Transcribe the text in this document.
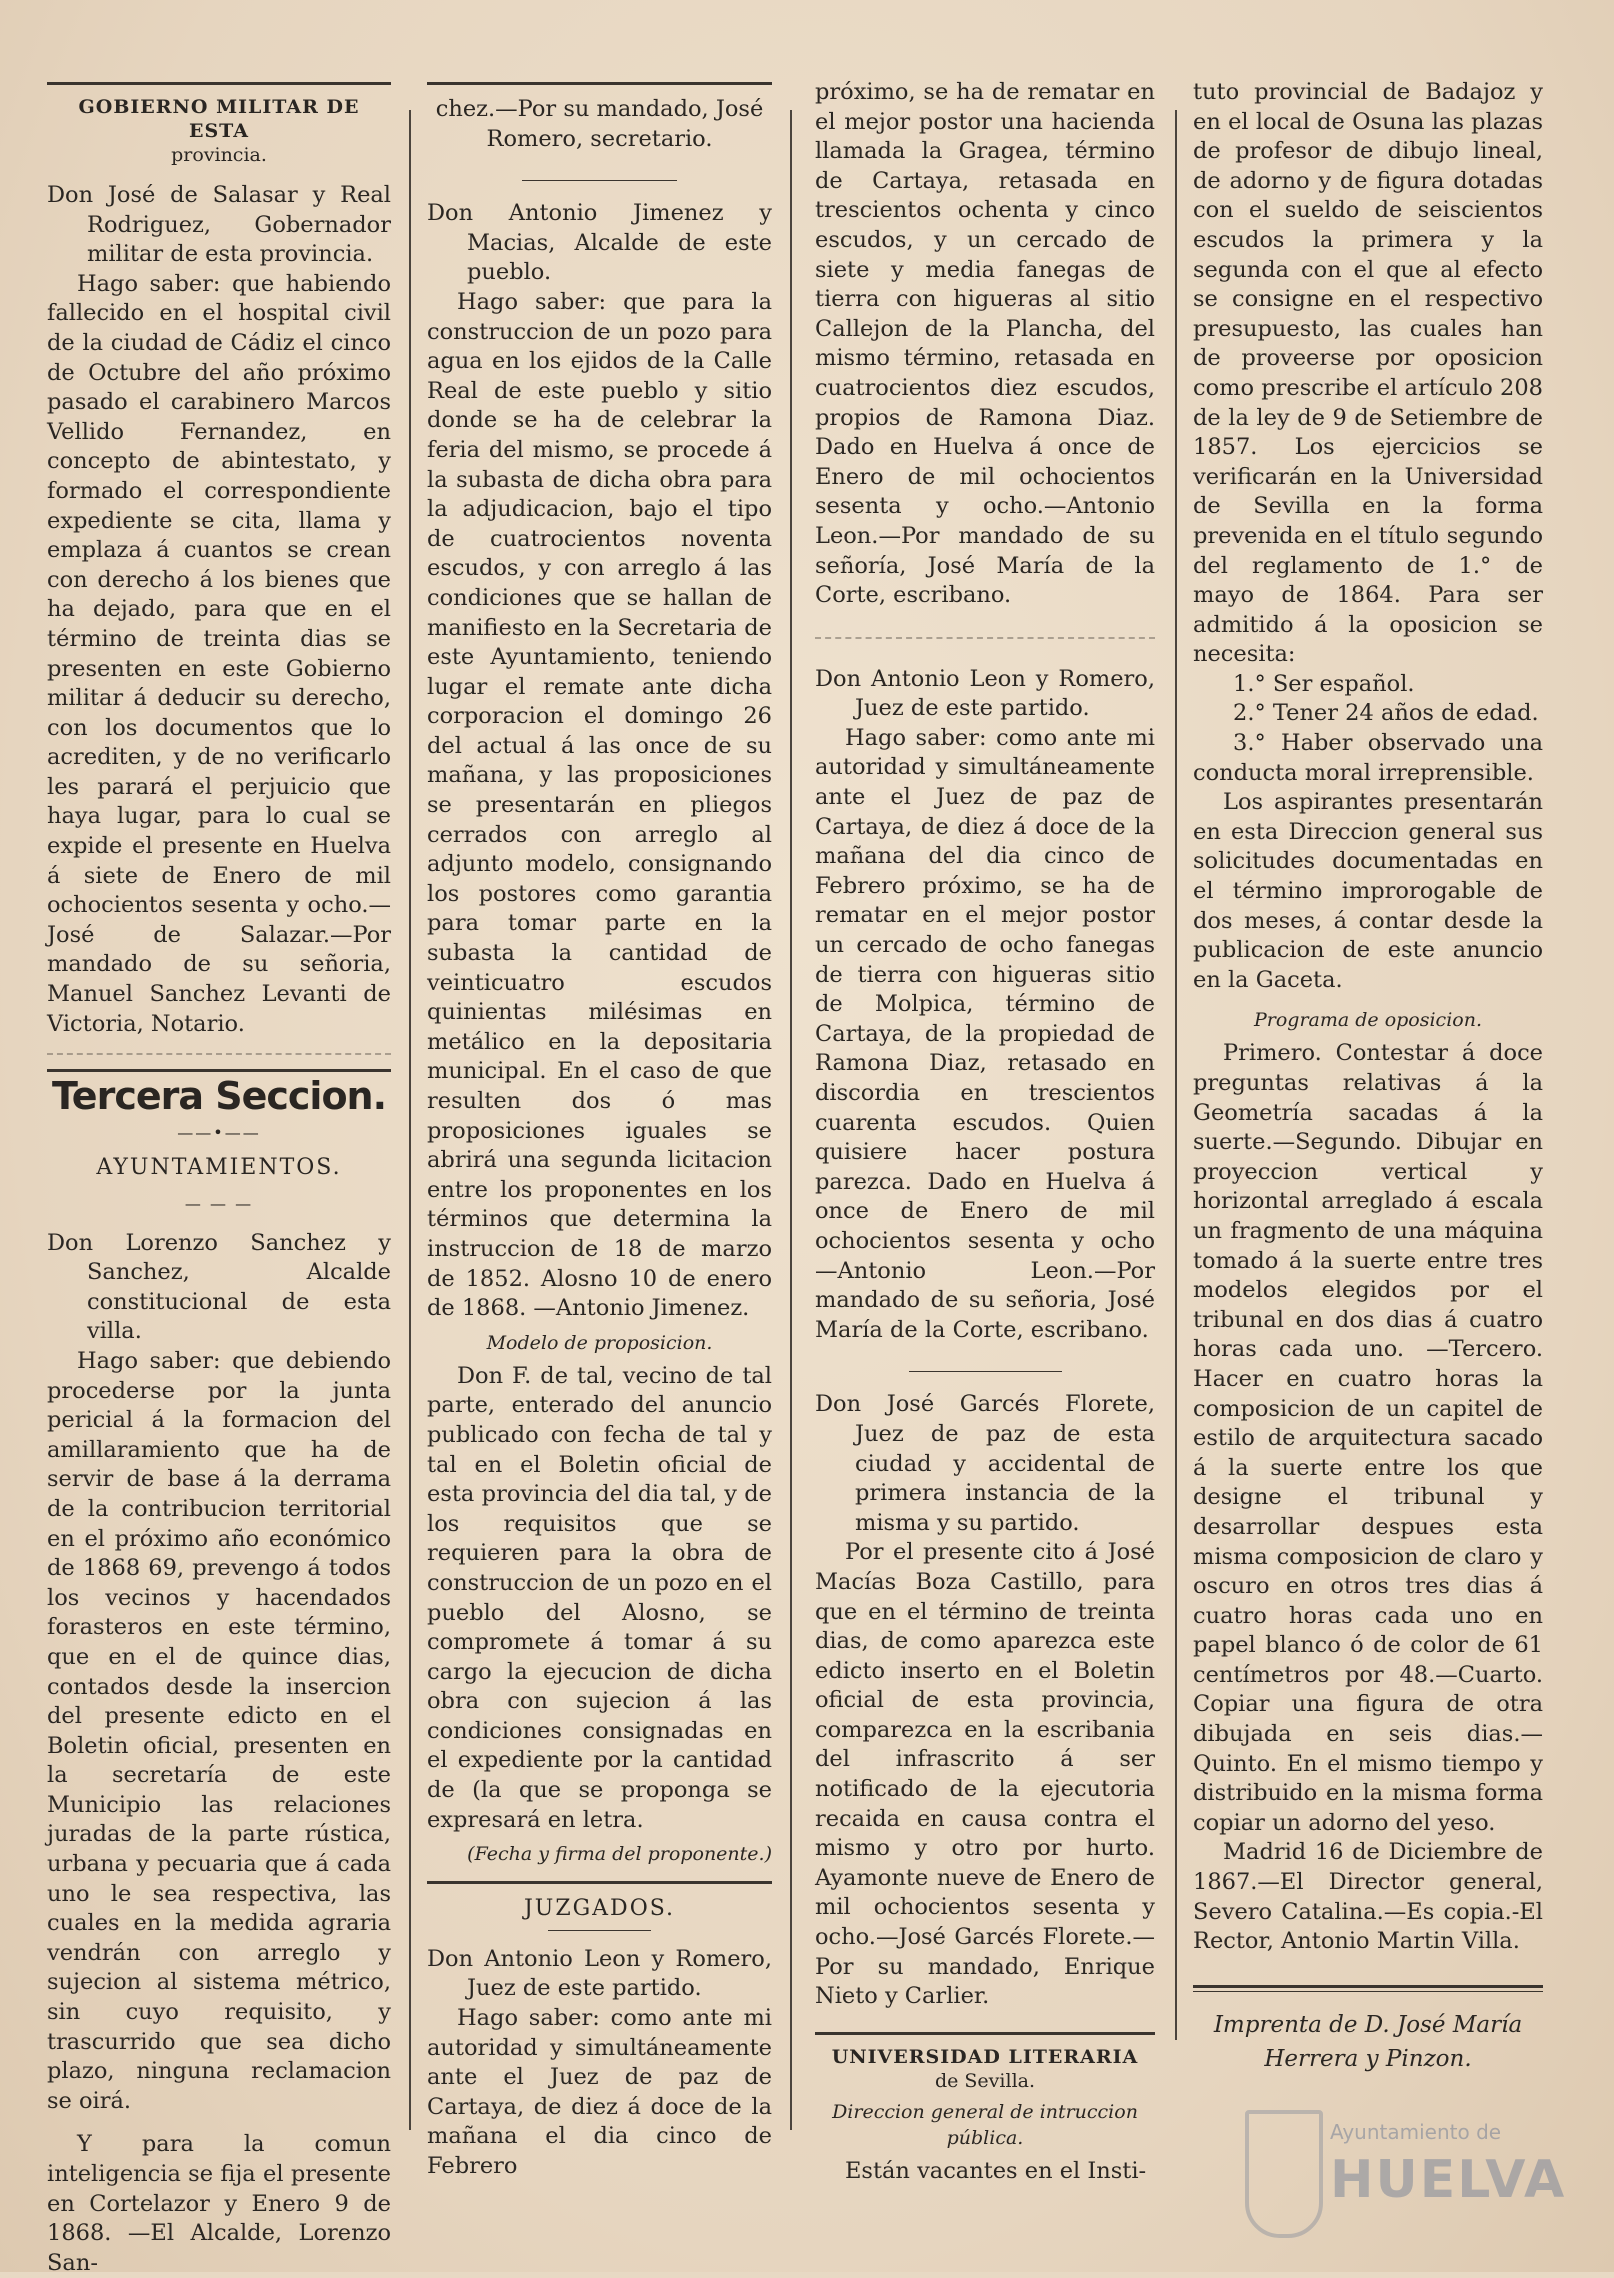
GOBIERNO MILITAR DE ESTA
provincia.

Don José de Salasar y Real Rodriguez, Gobernador militar de esta provincia.

Hago saber: que habiendo fallecido en el hospital civil de la ciudad de Cádiz el cinco de Octubre del año próximo pasado el carabinero Marcos Vellido Fernandez, en concepto de abintestato, y formado el correspondiente expediente se cita, llama y emplaza á cuantos se crean con derecho á los bienes que ha dejado, para que en el término de treinta dias se presenten en este Gobierno militar á deducir su derecho, con los documentos que lo acrediten, y de no verificarlo les parará el perjuicio que haya lugar, para lo cual se expide el presente en Huelva á siete de Enero de mil ochocientos sesenta y ocho.—José de Salazar.—Por mandado de su señoria, Manuel Sanchez Levanti de Victoria, Notario.

Tercera Seccion.
——•——
AYUNTAMIENTOS.
— — —

Don Lorenzo Sanchez y Sanchez, Alcalde constitucional de esta villa.

Hago saber: que debiendo procederse por la junta pericial á la formacion del amillaramiento que ha de servir de base á la derrama de la contribucion territorial en el próximo año económico de 1868 69, prevengo á todos los vecinos y hacendados forasteros en este término, que en el de quince dias, contados desde la insercion del presente edicto en el Boletin oficial, presenten en la secretaría de este Municipio las relaciones juradas de la parte rústica, urbana y pecuaria que á cada uno le sea respectiva, las cuales en la medida agraria vendrán con arreglo y sujecion al sistema métrico, sin cuyo requisito, y trascurrido que sea dicho plazo, ninguna reclamacion se oirá.

Y para la comun inteligencia se fija el presente en Cortelazor y Enero 9 de 1868. —El Alcalde, Lorenzo San-

chez.—Por su mandado, José Romero, secretario.

Don Antonio Jimenez y Macias, Alcalde de este pueblo.

Hago saber: que para la construccion de un pozo para agua en los ejidos de la Calle Real de este pueblo y sitio donde se ha de celebrar la feria del mismo, se procede á la subasta de dicha obra para la adjudicacion, bajo el tipo de cuatrocientos noventa escudos, y con arreglo á las condiciones que se hallan de manifiesto en la Secretaria de este Ayuntamiento, teniendo lugar el remate ante dicha corporacion el domingo 26 del actual á las once de su mañana, y las proposiciones se presentarán en pliegos cerrados con arreglo al adjunto modelo, consignando los postores como garantia para tomar parte en la subasta la cantidad de veinticuatro escudos quinientas milésimas en metálico en la depositaria municipal. En el caso de que resulten dos ó mas proposiciones iguales se abrirá una segunda licitacion entre los proponentes en los términos que determina la instruccion de 18 de marzo de 1852. Alosno 10 de enero de 1868. —Antonio Jimenez.

Modelo de proposicion.

Don F. de tal, vecino de tal parte, enterado del anuncio publicado con fecha de tal y tal en el Boletin oficial de esta provincia del dia tal, y de los requisitos que se requieren para la obra de construccion de un pozo en el pueblo del Alosno, se compromete á tomar á su cargo la ejecucion de dicha obra con sujecion á las condiciones consignadas en el expediente por la cantidad de (la que se proponga se expresará en letra.

(Fecha y firma del proponente.)
JUZGADOS.

Don Antonio Leon y Romero, Juez de este partido.

Hago saber: como ante mi autoridad y simultáneamente ante el Juez de paz de Cartaya, de diez á doce de la mañana el dia cinco de Febrero

próximo, se ha de rematar en el mejor postor una hacienda llamada la Gragea, término de Cartaya, retasada en trescientos ochenta y cinco escudos, y un cercado de siete y media fanegas de tierra con higueras al sitio Callejon de la Plancha, del mismo término, retasada en cuatrocientos diez escudos, propios de Ramona Diaz. Dado en Huelva á once de Enero de mil ochocientos sesenta y ocho.—Antonio Leon.—Por mandado de su señoría, José María de la Corte, escribano.

Don Antonio Leon y Romero, Juez de este partido.

Hago saber: como ante mi autoridad y simultáneamente ante el Juez de paz de Cartaya, de diez á doce de la mañana del dia cinco de Febrero próximo, se ha de rematar en el mejor postor un cercado de ocho fanegas de tierra con higueras sitio de Molpica, término de Cartaya, de la propiedad de Ramona Diaz, retasado en discordia en trescientos cuarenta escudos. Quien quisiere hacer postura parezca. Dado en Huelva á once de Enero de mil ochocientos sesenta y ocho —Antonio Leon.—Por mandado de su señoria, José María de la Corte, escribano.

Don José Garcés Florete, Juez de paz de esta ciudad y accidental de primera instancia de la misma y su partido.

Por el presente cito á José Macías Boza Castillo, para que en el término de treinta dias, de como aparezca este edicto inserto en el Boletin oficial de esta provincia, comparezca en la escribania del infrascrito á ser notificado de la ejecutoria recaida en causa contra el mismo y otro por hurto. Ayamonte nueve de Enero de mil ochocientos sesenta y ocho.—José Garcés Florete.—Por su mandado, Enrique Nieto y Carlier.

UNIVERSIDAD LITERARIA
de Sevilla.
Direccion general de intruccion pública.

Están vacantes en el Insti-

tuto provincial de Badajoz y en el local de Osuna las plazas de profesor de dibujo lineal, de adorno y de figura dotadas con el sueldo de seiscientos escudos la primera y la segunda con el que al efecto se consigne en el respectivo presupuesto, las cuales han de proveerse por oposicion como prescribe el artículo 208 de la ley de 9 de Setiembre de 1857. Los ejercicios se verificarán en la Universidad de Sevilla en la forma prevenida en el título segundo del reglamento de 1.° de mayo de 1864. Para ser admitido á la oposicion se necesita:

1.° Ser español.

2.° Tener 24 años de edad.

3.° Haber observado una conducta moral irreprensible.

Los aspirantes presentarán en esta Direccion general sus solicitudes documentadas en el término improrogable de dos meses, á contar desde la publicacion de este anuncio en la Gaceta.

Programa de oposicion.

Primero. Contestar á doce preguntas relativas á la Geometría sacadas á la suerte.—Segundo. Dibujar en proyeccion vertical y horizontal arreglado á escala un fragmento de una máquina tomado á la suerte entre tres modelos elegidos por el tribunal en dos dias á cuatro horas cada uno. —Tercero. Hacer en cuatro horas la composicion de un capitel de estilo de arquitectura sacado á la suerte entre los que designe el tribunal y desarrollar despues esta misma composicion de claro y oscuro en otros tres dias á cuatro horas cada uno en papel blanco ó de color de 61 centímetros por 48.—Cuarto. Copiar una figura de otra dibujada en seis dias.—Quinto. En el mismo tiempo y distribuido en la misma forma copiar un adorno del yeso.

Madrid 16 de Diciembre de 1867.—El Director general, Severo Catalina.—Es copia.-El Rector, Antonio Martin Villa.

Imprenta de D. José María
Herrera y Pinzon.
Ayuntamiento de
HUELVA
